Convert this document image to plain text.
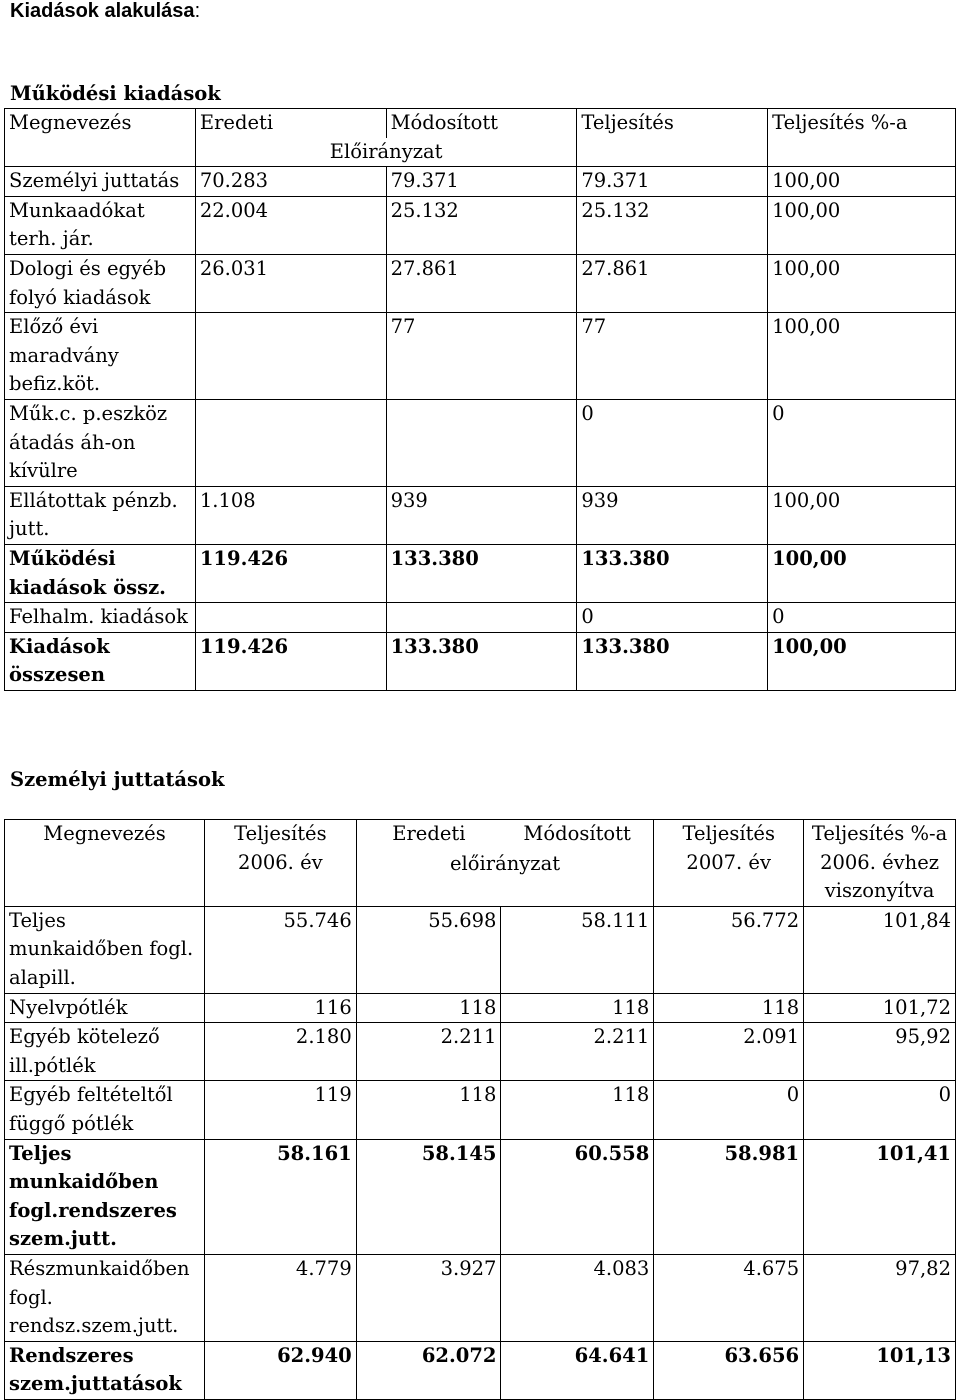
Kiadások alakulása:
Működési kiadások
Megnevezés	Eredeti	Módosított	Teljesítés	Teljesítés %-a
	Előirányzat			
Személyi juttatás	70.283	79.371	79.371	100,00
Munkaadókat terh. jár.	22.004	25.132	25.132	100,00
Dologi és egyéb folyó kiadások	26.031	27.861	27.861	100,00
Előző évi maradvány befiz.köt.		77	77	100,00
Műk.c. p.eszköz átadás áh-on kívülre			0	0
Ellátottak pénzb. jutt.	1.108	939	939	100,00
Működési kiadások össz.	119.426	133.380	133.380	100,00
Felhalm. kiadások			0	0
Kiadások összesen	119.426	133.380	133.380	100,00
Személyi juttatások
Megnevezés	Teljesítés 2006. év	Eredeti	Módosított	Teljesítés 2007. év	Teljesítés %-a 2006. évhez viszonyítva
		előirányzat			
Teljes munkaidőben fogl. alapill.	55.746	55.698	58.111	56.772	101,84
Nyelvpótlék	116	118	118	118	101,72
Egyéb kötelező ill.pótlék	2.180	2.211	2.211	2.091	95,92
Egyéb feltételtől függő pótlék	119	118	118	0	0
Teljes munkaidőben fogl.rendszeres szem.jutt.	58.161	58.145	60.558	58.981	101,41
Részmunkaidőben fogl. rendsz.szem.jutt.	4.779	3.927	4.083	4.675	97,82
Rendszeres szem.juttatások	62.940	62.072	64.641	63.656	101,13
